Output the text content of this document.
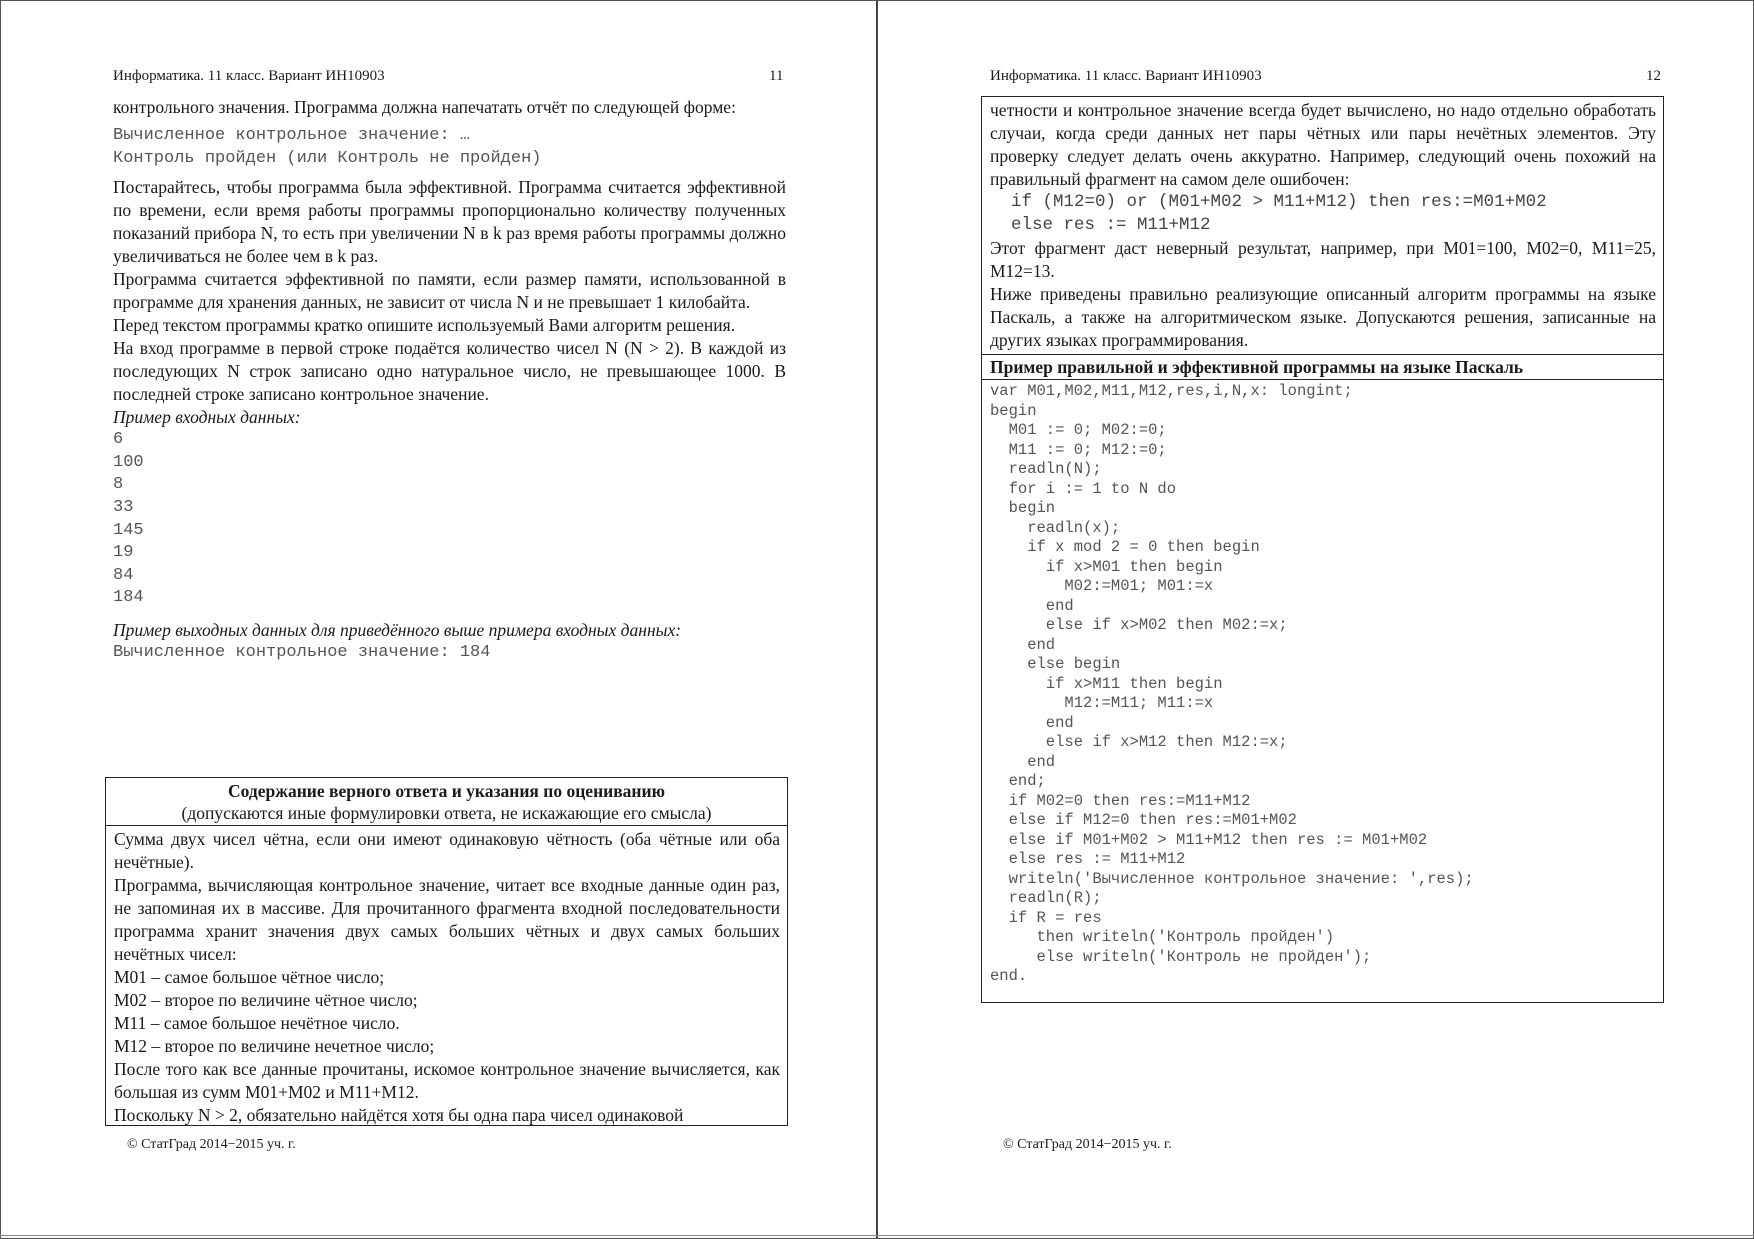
Информатика. 11 класс. Вариант ИН10903	11

контрольного значения. Программа должна напечатать отчёт по следующей форме:

Вычисленное контрольное значение: …

Контроль пройден (или Контроль не пройден)

Постарайтесь, чтобы программа была эффективной. Программа считается эффективной по времени, если время работы программы пропорционально количеству полученных показаний прибора N, то есть при увеличении N в k раз время работы программы должно увеличиваться не более чем в k раз.

Программа считается эффективной по памяти, если размер памяти, использованной в программе для хранения данных, не зависит от числа N и не превышает 1 килобайта.

Перед текстом программы кратко опишите используемый Вами алгоритм решения.

На вход программе в первой строке подаётся количество чисел N (N > 2). В каждой из последующих N строк записано одно натуральное число, не превышающее 1000. В последней строке записано контрольное значение.

Пример входных данных:

6

100

8

33

145

19

84

184

Пример выходных данных для приведённого выше примера входных данных:

Вычисленное контрольное значение: 184

Содержание верного ответа и указания по оцениванию
(допускаются иные формулировки ответа, не искажающие его смысла)

Сумма двух чисел чётна, если они имеют одинаковую чётность (оба чётные или оба нечётные).

Программа, вычисляющая контрольное значение, читает все входные данные один раз, не запоминая их в массиве. Для прочитанного фрагмента входной последовательности программа хранит значения двух самых больших чётных и двух самых больших нечётных чисел:

M01 – самое большое чётное число;

M02 – второе по величине чётное число;

M11 – самое большое нечётное число.

M12 – второе по величине нечетное число;

После того как все данные прочитаны, искомое контрольное значение вычисляется, как большая из сумм M01+M02 и M11+M12.

Поскольку N > 2, обязательно найдётся хотя бы одна пара чисел одинаковой

© СтатГрад 2014−2015 уч. г.
Информатика. 11 класс. Вариант ИН10903	12
© СтатГрад 2014−2015 уч. г.

четности и контрольное значение всегда будет вычислено, но надо отдельно обработать случаи, когда среди данных нет пары чётных или пары нечётных элементов. Эту проверку следует делать очень аккуратно. Например, следующий очень похожий на правильный фрагмент на самом деле ошибочен:

if (M12=0) or (M01+M02 > M11+M12) then res:=M01+M02

else res := M11+M12

Этот фрагмент даст неверный результат, например, при M01=100, M02=0, M11=25, M12=13.

Ниже приведены правильно реализующие описанный алгоритм программы на языке Паскаль, а также на алгоритмическом языке. Допускаются решения, записанные на других языках программирования.

Пример правильной и эффективной программы на языке Паскаль
var M01,M02,M11,M12,res,i,N,x: longint;
begin
M01 := 0; M02:=0;
M11 := 0; M12:=0;
readln(N);
for i := 1 to N do
begin
readln(x);
if x mod 2 = 0 then begin
if x>M01 then begin
M02:=M01; M01:=x
end
else if x>M02 then M02:=x;
end
else begin
if x>M11 then begin
M12:=M11; M11:=x
end
else if x>M12 then M12:=x;
end
end;
if M02=0 then res:=M11+M12
else if M12=0 then res:=M01+M02
else if M01+M02 > M11+M12 then res := M01+M02
else res := M11+M12
writeln('Вычисленное контрольное значение: ',res);
readln(R);
if R = res
then writeln('Контроль пройден')
else writeln('Контроль не пройден');
end.
